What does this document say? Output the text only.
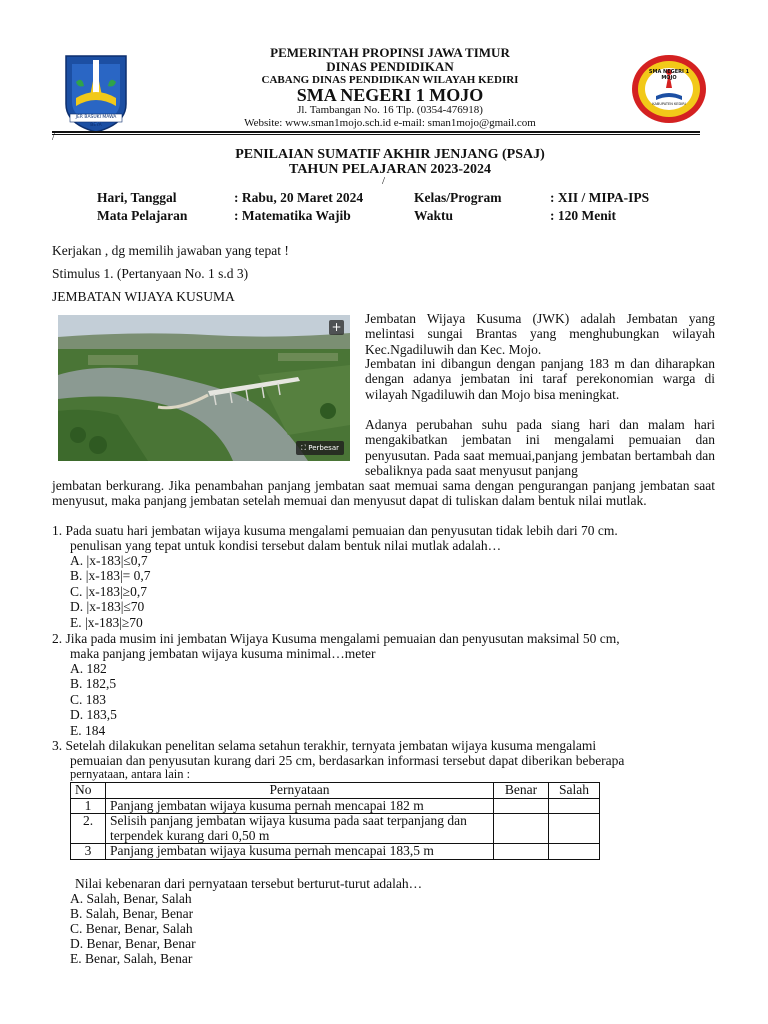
JER BASUKI MAWA BEYA
PEMERINTAH PROPINSI JAWA TIMUR
DINAS PENDIDIKAN
CABANG DINAS PENDIDIKAN WILAYAH KEDIRI
SMA NEGERI 1 MOJO
Jl. Tambangan No. 16 Tlp. (0354-476918)
Website: www.sman1mojo.sch.id e-mail: sman1mojo@gmail.com
SMA NEGERI 1 MOJO
KABUPATEN KEDIRI
/
PENILAIAN SUMATIF AKHIR JENJANG (PSAJ)
TAHUN PELAJARAN 2023-2024
/
Hari, Tanggal	: Rabu, 20 Maret 2024	Kelas/Program	: XII / MIPA-IPS
Mata Pelajaran	: Matematika Wajib	Waktu	: 120 Menit
Kerjakan , dg memilih jawaban yang tepat !
Stimulus 1. (Pertanyaan No. 1 s.d 3)
JEMBATAN WIJAYA KUSUMA
+
⛶ Perbesar
Jembatan Wijaya Kusuma (JWK) adalah Jembatan yang melintasi sungai Brantas yang menghubungkan wilayah Kec.Ngadiluwih dan Kec. Mojo.
Jembatan ini dibangun dengan panjang 183 m dan diharapkan dengan adanya jembatan ini taraf perekonomian warga di wilayah Ngadiluwih dan Mojo bisa meningkat.
Adanya perubahan suhu pada siang hari dan malam hari mengakibatkan jembatan ini mengalami pemuaian dan penyusutan. Pada saat memuai,panjang jembatan bertambah dan sebaliknya pada saat menyusut panjang
jembatan berkurang. Jika penambahan panjang jembatan saat memuai sama dengan pengurangan panjang jembatan saat menyusut, maka panjang jembatan setelah memuai dan menyusut dapat di tuliskan dalam bentuk nilai mutlak.
1. Pada suatu hari jembatan wijaya kusuma mengalami pemuaian dan penyusutan tidak lebih dari 70 cm.
penulisan yang tepat untuk kondisi tersebut dalam bentuk nilai mutlak adalah…
A. |x-183|≤0,7
B. |x-183|= 0,7
C. |x-183|≥0,7
D. |x-183|≤70
E. |x-183|≥70
2. Jika pada musim ini jembatan Wijaya Kusuma mengalami pemuaian dan penyusutan maksimal 50 cm,
maka panjang jembatan wijaya kusuma minimal…meter
A. 182
B. 182,5
C. 183
D. 183,5
E. 184
3. Setelah dilakukan penelitan selama setahun terakhir, ternyata jembatan wijaya kusuma mengalami
pemuaian dan penyusutan kurang dari 25 cm, berdasarkan informasi tersebut dapat diberikan beberapa
pernyataan, antara lain :
No	Pernyataan	Benar	Salah
1	Panjang jembatan wijaya kusuma pernah mencapai 182 m		
2.	Selisih panjang jembatan wijaya kusuma pada saat terpanjang dan terpendek kurang dari 0,50 m		
3	Panjang jembatan wijaya kusuma pernah mencapai 183,5 m		
Nilai kebenaran dari pernyataan tersebut berturut-turut adalah…
A. Salah, Benar, Salah
B. Salah, Benar, Benar
C. Benar, Benar, Salah
D. Benar, Benar, Benar
E. Benar, Salah, Benar
